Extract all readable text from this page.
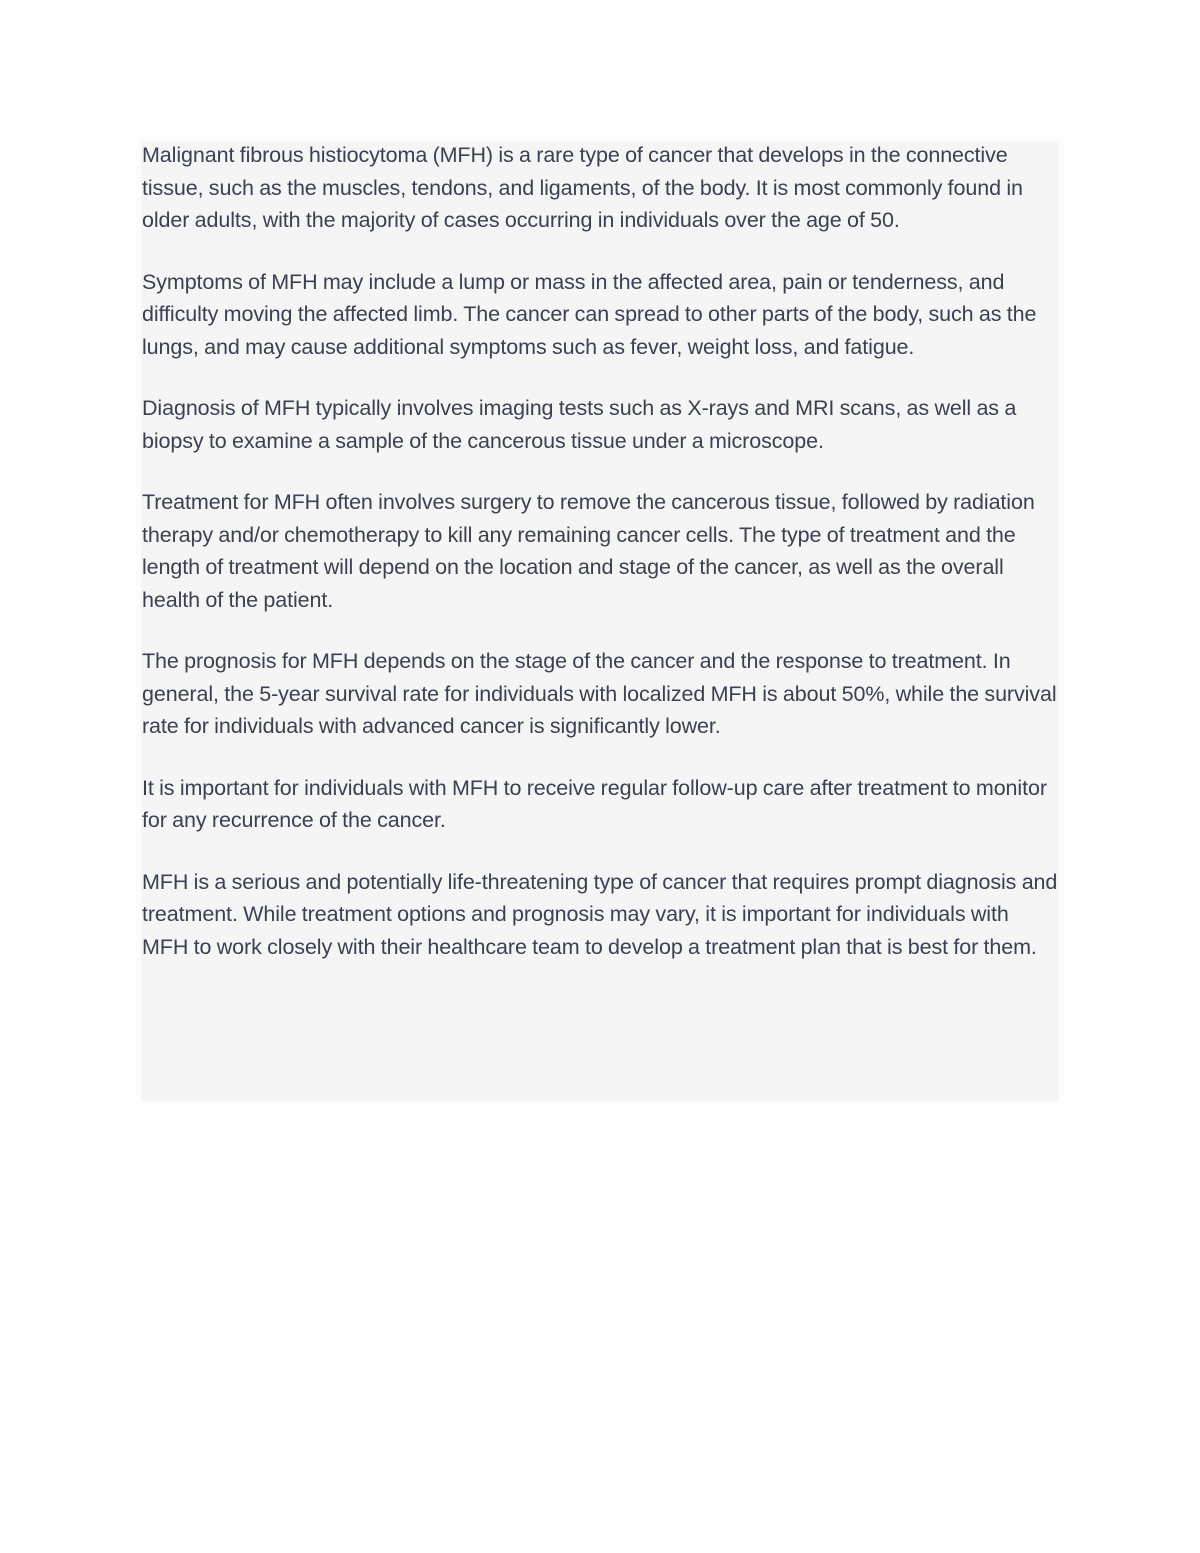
Malignant fibrous histiocytoma (MFH) is a rare type of cancer that develops in the connective tissue, such as the muscles, tendons, and ligaments, of the body. It is most commonly found in older adults, with the majority of cases occurring in individuals over the age of 50.

Symptoms of MFH may include a lump or mass in the affected area, pain or tenderness, and difficulty moving the affected limb. The cancer can spread to other parts of the body, such as the lungs, and may cause additional symptoms such as fever, weight loss, and fatigue.

Diagnosis of MFH typically involves imaging tests such as X-rays and MRI scans, as well as a biopsy to examine a sample of the cancerous tissue under a microscope.

Treatment for MFH often involves surgery to remove the cancerous tissue, followed by radiation therapy and/or chemotherapy to kill any remaining cancer cells. The type of treatment and the length of treatment will depend on the location and stage of the cancer, as well as the overall health of the patient.

The prognosis for MFH depends on the stage of the cancer and the response to treatment. In general, the 5-year survival rate for individuals with localized MFH is about 50%, while the survival rate for individuals with advanced cancer is significantly lower.

It is important for individuals with MFH to receive regular follow-up care after treatment to monitor for any recurrence of the cancer.

MFH is a serious and potentially life-threatening type of cancer that requires prompt diagnosis and treatment. While treatment options and prognosis may vary, it is important for individuals with MFH to work closely with their healthcare team to develop a treatment plan that is best for them.
